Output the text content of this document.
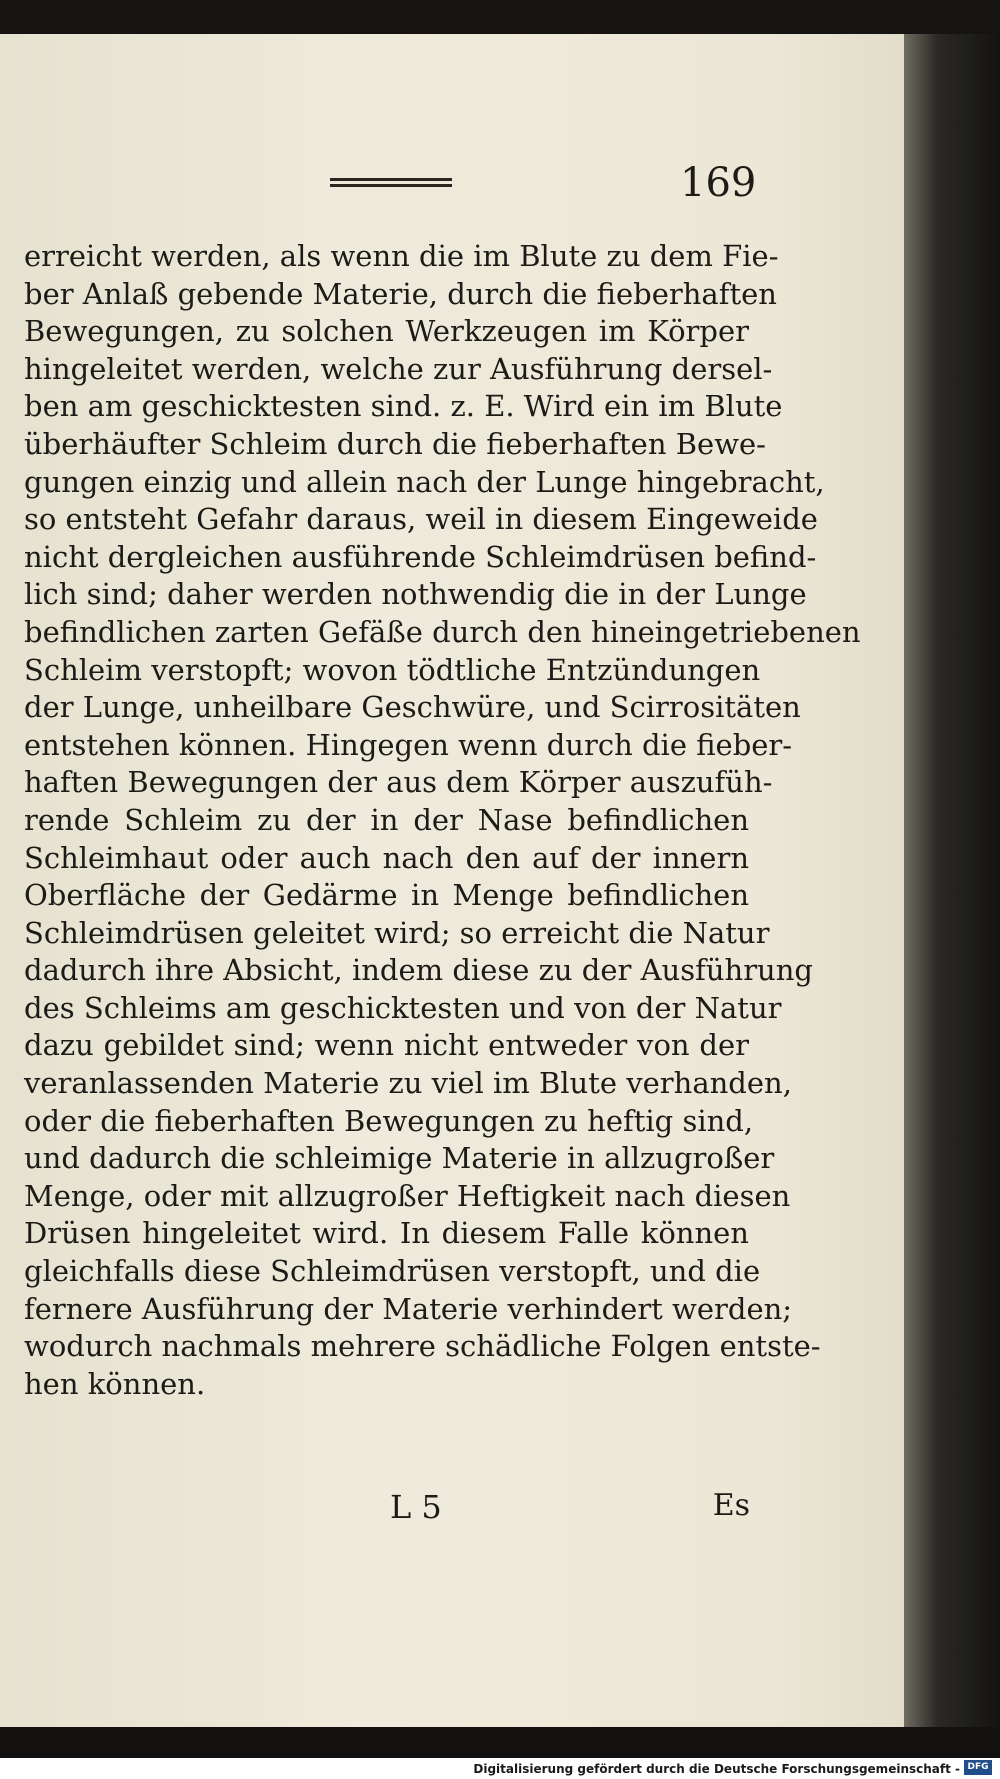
169
erreicht werden, als wenn die im Blute zu dem Fie-
ber Anlaß gebende Materie, durch die fieberhaften
Bewegungen, zu solchen Werkzeugen im Körper
hingeleitet werden, welche zur Ausführung dersel-
ben am geschicktesten sind. z. E. Wird ein im Blute
überhäufter Schleim durch die fieberhaften Bewe-
gungen einzig und allein nach der Lunge hingebracht,
so entsteht Gefahr daraus, weil in diesem Eingeweide
nicht dergleichen ausführende Schleimdrüsen befind-
lich sind; daher werden nothwendig die in der Lunge
befindlichen zarten Gefäße durch den hineingetriebenen
Schleim verstopft; wovon tödtliche Entzündungen
der Lunge, unheilbare Geschwüre, und Scirrositäten
entstehen können. Hingegen wenn durch die fieber-
haften Bewegungen der aus dem Körper auszufüh-
rende Schleim zu der in der Nase befindlichen
Schleimhaut oder auch nach den auf der innern
Oberfläche der Gedärme in Menge befindlichen
Schleimdrüsen geleitet wird; so erreicht die Natur
dadurch ihre Absicht, indem diese zu der Ausführung
des Schleims am geschicktesten und von der Natur
dazu gebildet sind; wenn nicht entweder von der
veranlassenden Materie zu viel im Blute verhanden,
oder die fieberhaften Bewegungen zu heftig sind,
und dadurch die schleimige Materie in allzugroßer
Menge, oder mit allzugroßer Heftigkeit nach diesen
Drüsen hingeleitet wird. In diesem Falle können
gleichfalls diese Schleimdrüsen verstopft, und die
fernere Ausführung der Materie verhindert werden;
wodurch nachmals mehrere schädliche Folgen entste-
hen können.
L 5	Es
Digitalisierung gefördert durch die Deutsche Forschungsgemeinschaft - DFG
